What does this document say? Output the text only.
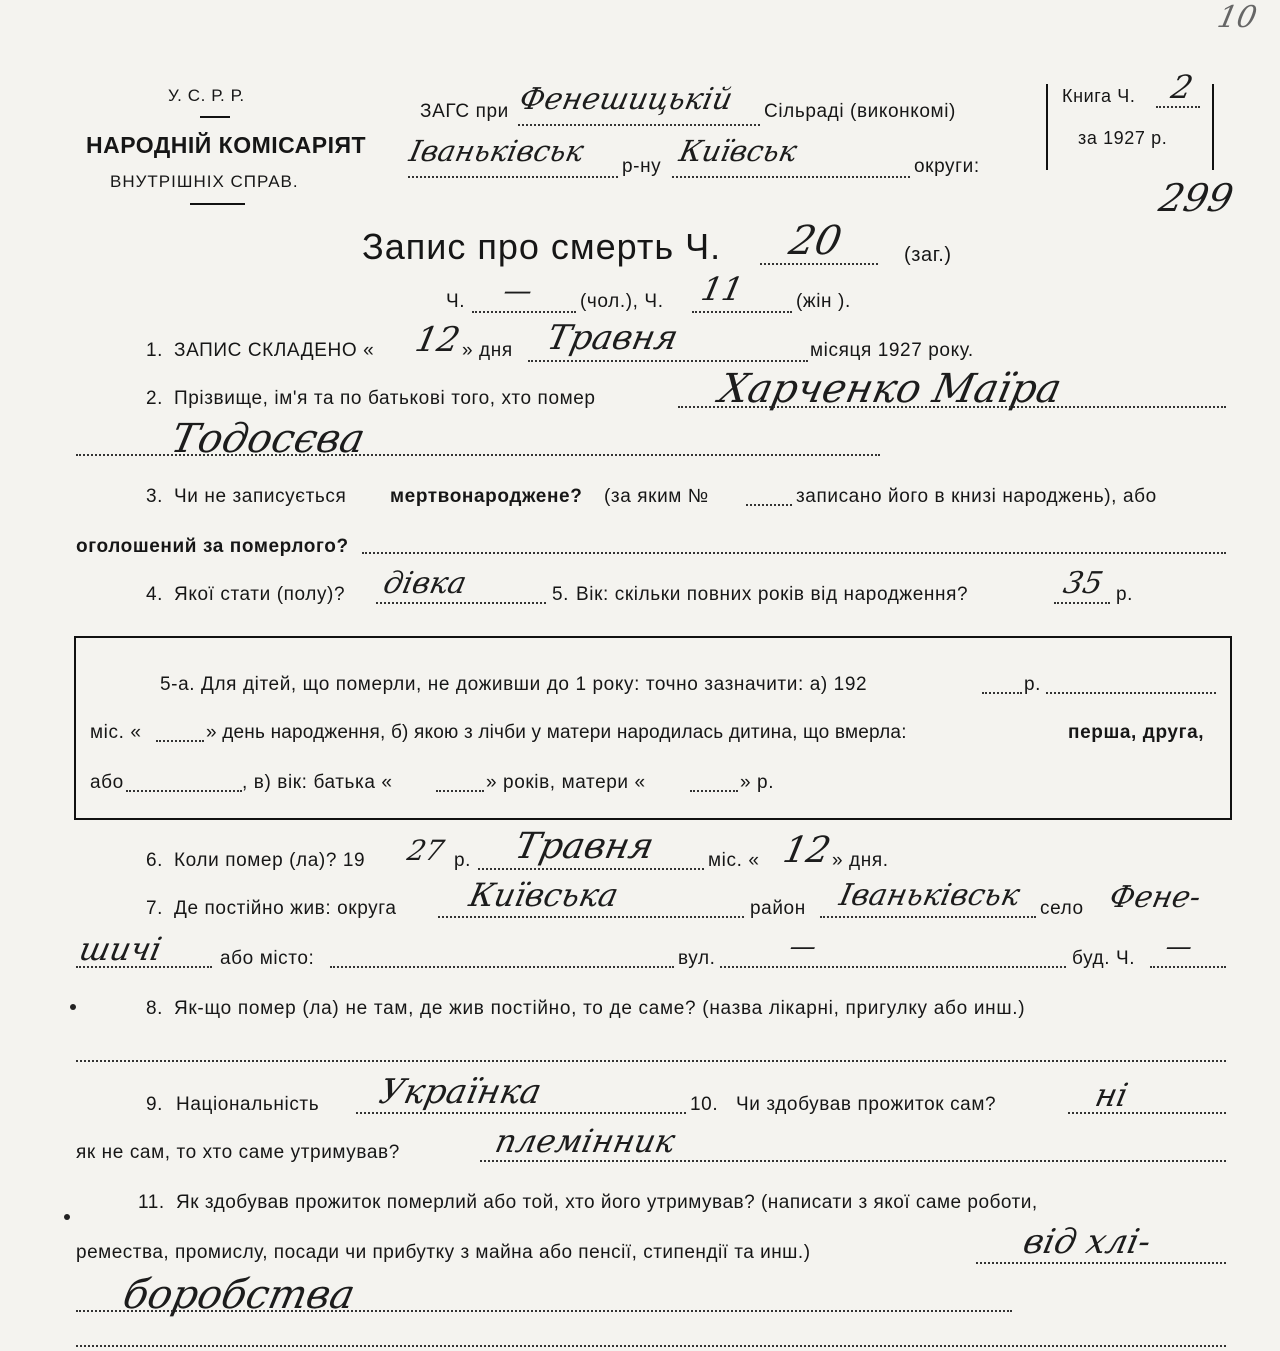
У. С. Р. Р.
НАРОДНІЙ КОМІСАРІЯТ
ВНУТРІШНІХ СПРАВ.
ЗАГС при Фенешицькій Сільраді (виконкомі)
Іваньківськ р-ну Київськ	округи:
Книга Ч. 2
за 1927 р.
299
10
Запис про смерть Ч. 20	(заг.)
Ч. — (чол.), Ч. 11	(жін ).
1. ЗАПИС СКЛАДЕНО « 12
» дня Травня	місяця 1927 року.
2. Прізвище, ім'я та по батькові того, хто помер	Харченко Маїра
Тодосєва
3. Чи не записується мертвонароджене? (за яким №	записано його в книзі народжень), або
оголошений за померлого?
4. Якої стати (полу)? дівка	5. Вік: скільки повних років від народження?	35 р.
5-а. Для дітей, що померли, не доживши до 1 року: точно зазначити: а) 192	р.
міс. «	» день народження, б) якою з лічби у матери народилась дитина, що вмерла:	перша, друга,
або	, в) вік: батька «	» років, матери «	» р.
6. Коли помер (ла)? 19 27 р. Травня	міс. « 12
» дня.
7. Де постійно жив: округа Київська	район Іваньківськ село Фене-
шичі	або місто:	вул.	—	буд. Ч. —
8. Як-що помер (ла) не там, де жив постійно, то де саме? (назва лікарні, пригулку або инш.)
9. Національність Українка	10. Чи здобував прожиток сам?	ні
як не сам, то хто саме утримував?	племінник
11. Як здобував прожиток померлий або той, хто його утримував? (написати з якої саме роботи,
ремества, промислу, посади чи прибутку з майна або пенсії, стипендії та инш.)	від хлі-
боробства
